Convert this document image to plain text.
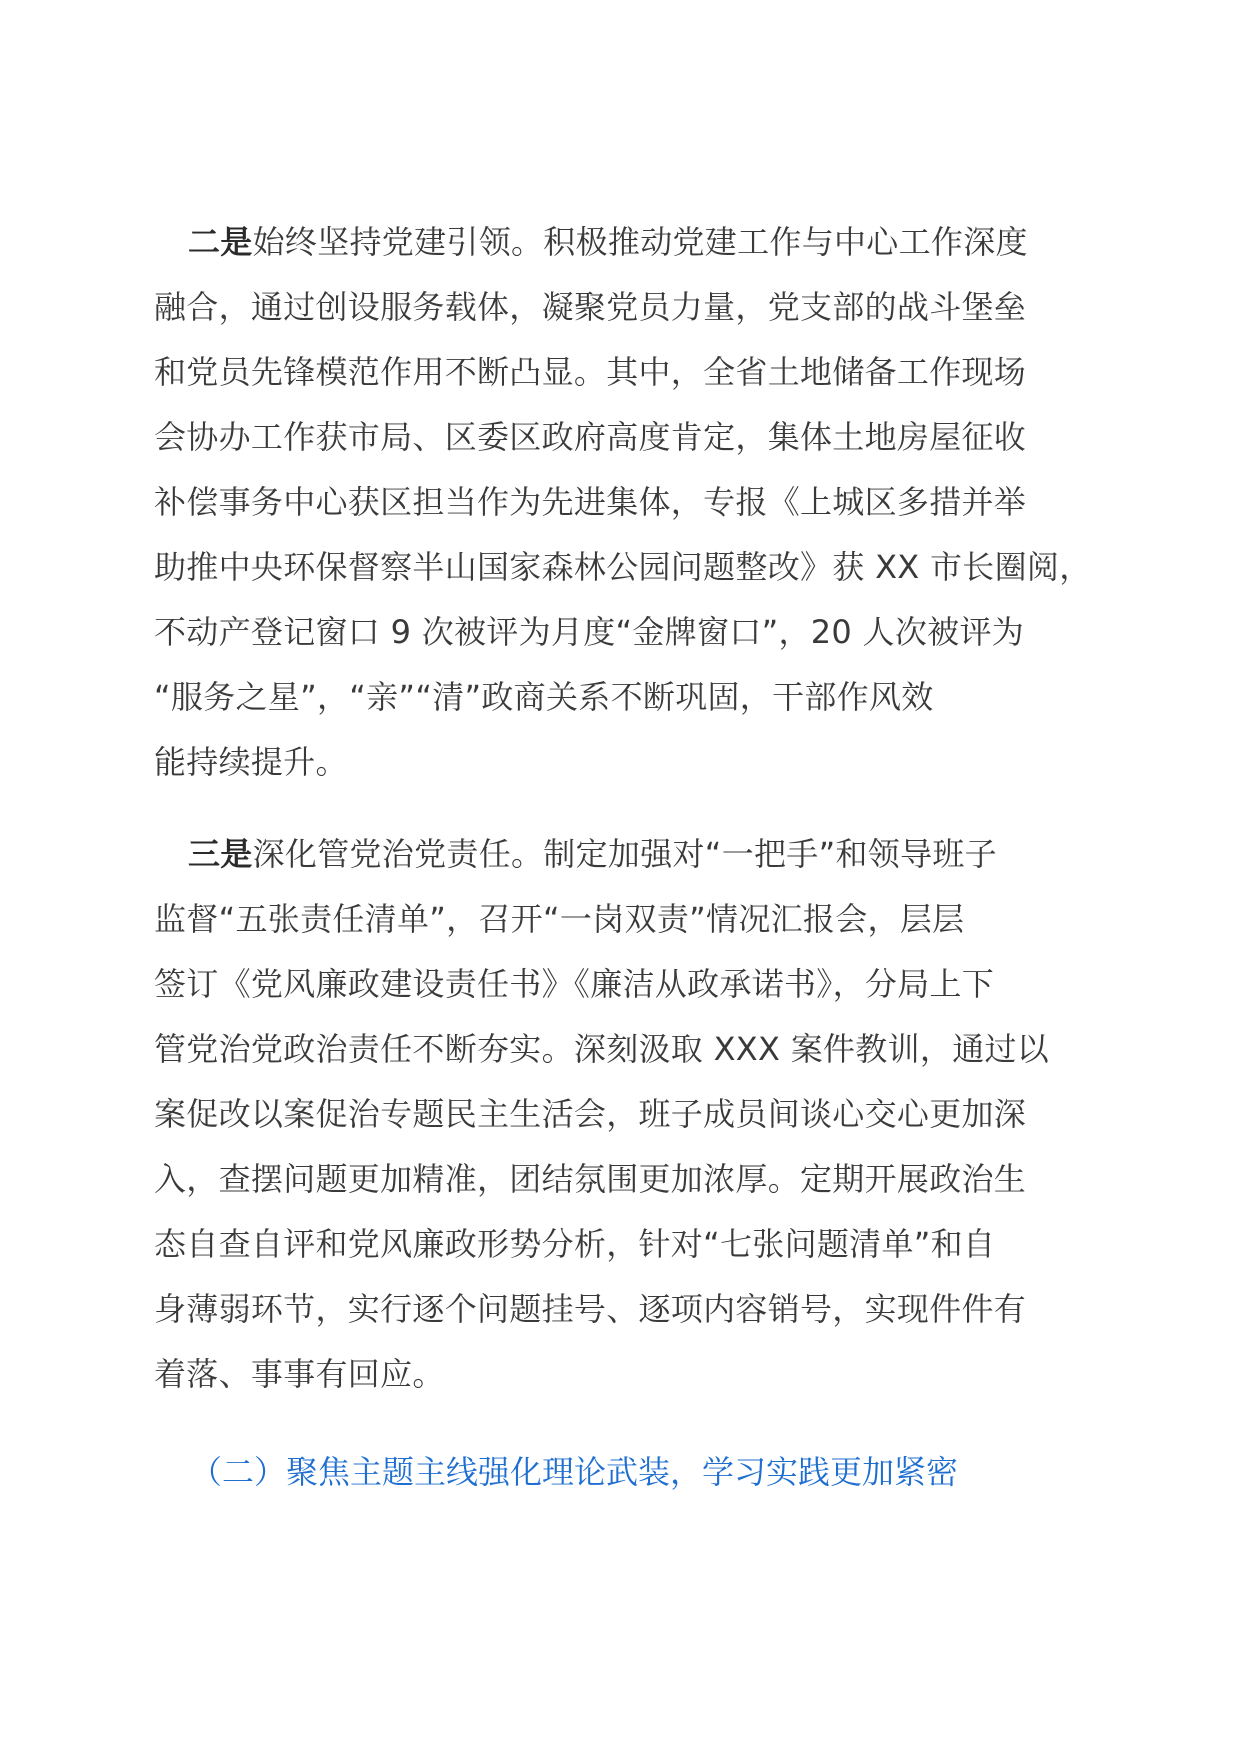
二是始终坚持党建引领。积极推动党建工作与中心工作深度
融合，通过创设服务载体，凝聚党员力量，党支部的战斗堡垒
和党员先锋模范作用不断凸显。其中，全省土地储备工作现场
会协办工作获市局、区委区政府高度肯定，集体土地房屋征收
补偿事务中心获区担当作为先进集体，专报《上城区多措并举
助推中央环保督察半山国家森林公园问题整改》获 XX 市长圈阅，
不动产登记窗口 9 次被评为月度“金牌窗口”，20 人次被评为
“服务之星”，“亲”“清”政商关系不断巩固，干部作风效
能持续提升。
三是深化管党治党责任。制定加强对“一把手”和领导班子
监督“五张责任清单”，召开“一岗双责”情况汇报会，层层
签订《党风廉政建设责任书》《廉洁从政承诺书》，分局上下
管党治党政治责任不断夯实。深刻汲取 XXX 案件教训，通过以
案促改以案促治专题民主生活会，班子成员间谈心交心更加深
入，查摆问题更加精准，团结氛围更加浓厚。定期开展政治生
态自查自评和党风廉政形势分析，针对“七张问题清单”和自
身薄弱环节，实行逐个问题挂号、逐项内容销号，实现件件有
着落、事事有回应。
（二）聚焦主题主线强化理论武装，学习实践更加紧密
